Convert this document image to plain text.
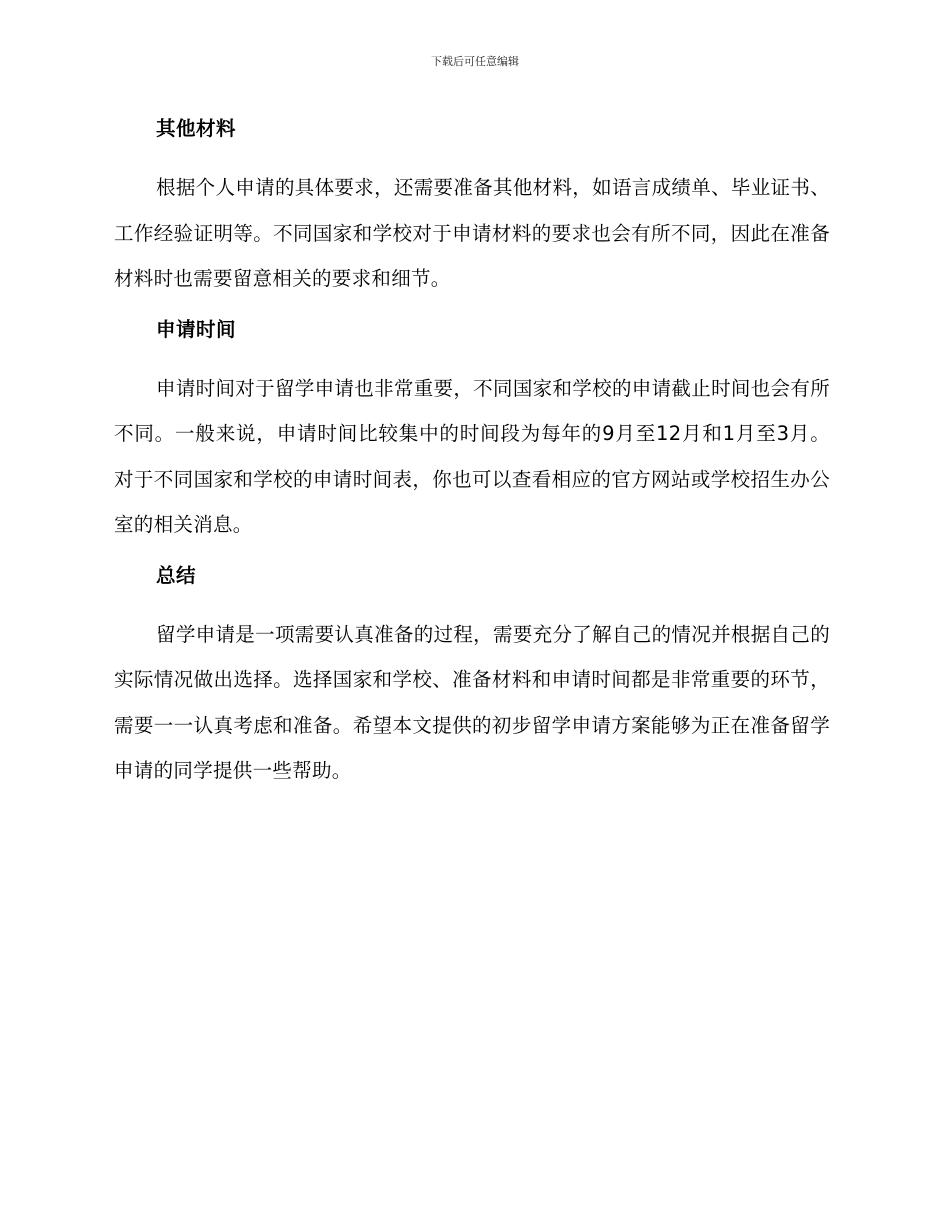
下载后可任意编辑
其他材料

根据个人申请的具体要求，还需要准备其他材料，如语言成绩单、毕业证书、工作经验证明等。不同国家和学校对于申请材料的要求也会有所不同，因此在准备材料时也需要留意相关的要求和细节。

申请时间

申请时间对于留学申请也非常重要，不同国家和学校的申请截止时间也会有所不同。一般来说，申请时间比较集中的时间段为每年的9月至12月和1月至3月。对于不同国家和学校的申请时间表，你也可以查看相应的官方网站或学校招生办公室的相关消息。

总结

留学申请是一项需要认真准备的过程，需要充分了解自己的情况并根据自己的实际情况做出选择。选择国家和学校、准备材料和申请时间都是非常重要的环节，需要一一认真考虑和准备。希望本文提供的初步留学申请方案能够为正在准备留学申请的同学提供一些帮助。
